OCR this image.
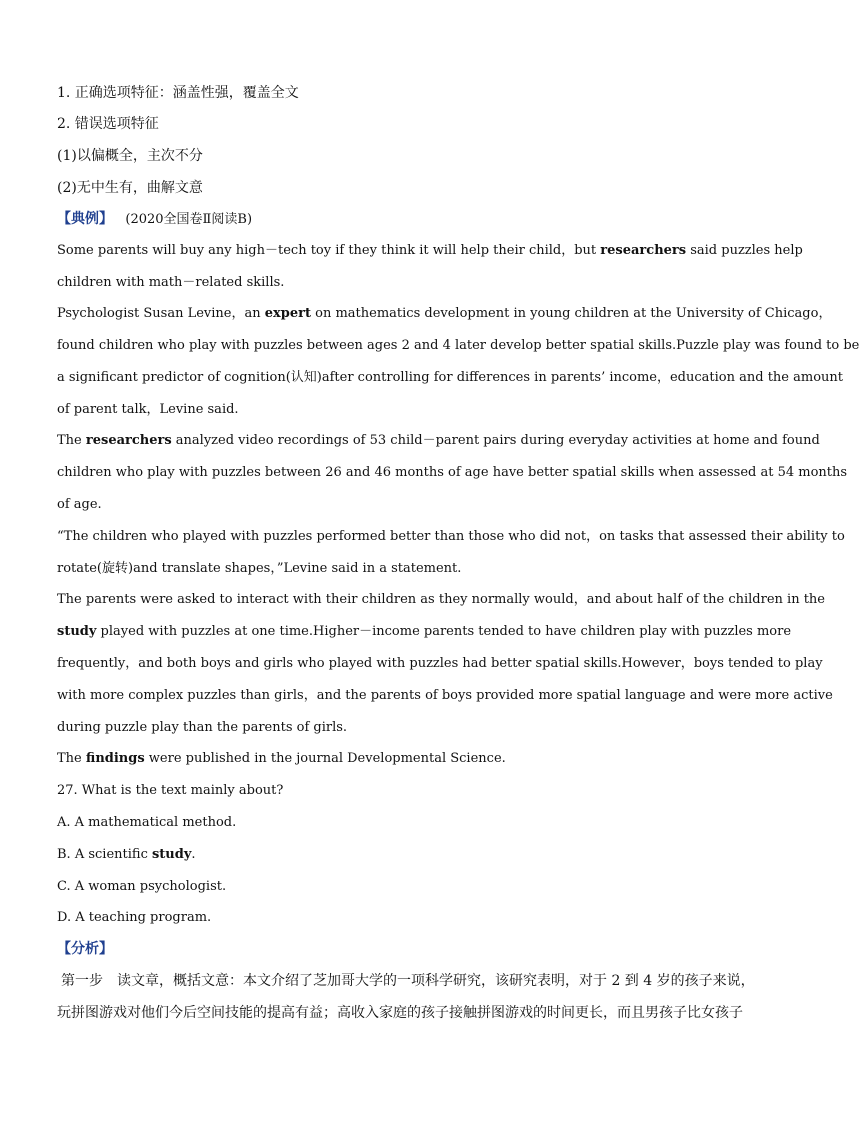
1. 正确选项特征：涵盖性强，覆盖全文
2. 错误选项特征
(1)以偏概全，主次不分
(2)无中生有，曲解文意
【典例】 (2020全国卷Ⅱ阅读B)
Some parents will buy any high－tech toy if they think it will help their child，but researchers said puzzles help
children with math－related skills.
Psychologist Susan Levine，an expert on mathematics development in young children at the University of Chicago，
found children who play with puzzles between ages 2 and 4 later develop better spatial skills.Puzzle play was found to be
a significant predictor of cognition(认知)after controlling for differences in parents’ income，education and the amount
of parent talk，Levine said.
The researchers analyzed video recordings of 53 child－parent pairs during everyday activities at home and found
children who play with puzzles between 26 and 46 months of age have better spatial skills when assessed at 54 months
of age.
“The children who played with puzzles performed better than those who did not，on tasks that assessed their ability to
rotate(旋转)and translate shapes，”Levine said in a statement.
The parents were asked to interact with their children as they normally would，and about half of the children in the
study played with puzzles at one time.Higher－income parents tended to have children play with puzzles more
frequently，and both boys and girls who played with puzzles had better spatial skills.However，boys tended to play
with more complex puzzles than girls，and the parents of boys provided more spatial language and were more active
during puzzle play than the parents of girls.
The findings were published in the journal Developmental Science.
27. What is the text mainly about?
A. A mathematical method.
B. A scientific study.
C. A woman psychologist.
D. A teaching program.
【分析】
第一步　读文章，概括文意：本文介绍了芝加哥大学的一项科学研究，该研究表明，对于 2 到 4 岁的孩子来说，
玩拼图游戏对他们今后空间技能的提高有益；高收入家庭的孩子接触拼图游戏的时间更长，而且男孩子比女孩子
